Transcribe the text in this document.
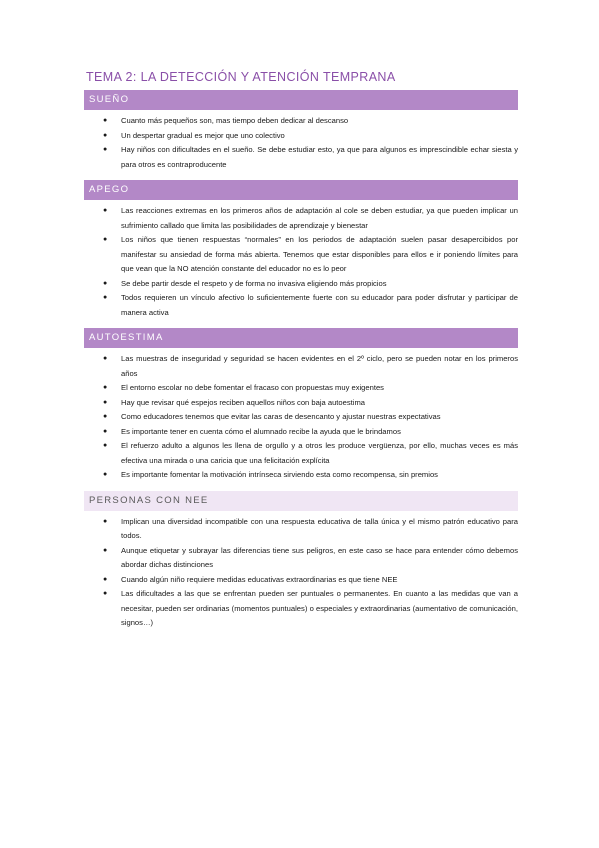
TEMA 2: LA DETECCIÓN Y ATENCIÓN TEMPRANA
SUEÑO
● Cuanto más pequeños son, mas tiempo deben dedicar al descanso
● Un despertar gradual es mejor que uno colectivo
● Hay niños con dificultades en el sueño. Se debe estudiar esto, ya que para algunos es imprescindible echar siesta y para otros es contraproducente
APEGO
● Las reacciones extremas en los primeros años de adaptación al cole se deben estudiar, ya que pueden implicar un sufrimiento callado que limita las posibilidades de aprendizaje y bienestar
● Los niños que tienen respuestas “normales” en los periodos de adaptación suelen pasar desapercibidos por manifestar su ansiedad de forma más abierta. Tenemos que estar disponibles para ellos e ir poniendo límites para que vean que la NO atención constante del educador no es lo peor
● Se debe partir desde el respeto y de forma no invasiva eligiendo más propicios
● Todos requieren un vínculo afectivo lo suficientemente fuerte con su educador para poder disfrutar y participar de manera activa
AUTOESTIMA
● Las muestras de inseguridad y seguridad se hacen evidentes en el 2º ciclo, pero se pueden notar en los primeros años
● El entorno escolar no debe fomentar el fracaso con propuestas muy exigentes
● Hay que revisar qué espejos reciben aquellos niños con baja autoestima
● Como educadores tenemos que evitar las caras de desencanto y ajustar nuestras expectativas
● Es importante tener en cuenta cómo el alumnado recibe la ayuda que le brindamos
● El refuerzo adulto a algunos les llena de orgullo y a otros les produce vergüenza, por ello, muchas veces es más efectiva una mirada o una caricia que una felicitación explícita
● Es importante fomentar la motivación intrínseca sirviendo esta como recompensa, sin premios
PERSONAS CON NEE
● Implican una diversidad incompatible con una respuesta educativa de talla única y el mismo patrón educativo para todos.
● Aunque etiquetar y subrayar las diferencias tiene sus peligros, en este caso se hace para entender cómo debemos abordar dichas distinciones
● Cuando algún niño requiere medidas educativas extraordinarias es que tiene NEE
● Las dificultades a las que se enfrentan pueden ser puntuales o permanentes. En cuanto a las medidas que van a necesitar, pueden ser ordinarias (momentos puntuales) o especiales y extraordinarias (aumentativo de comunicación, signos…)
